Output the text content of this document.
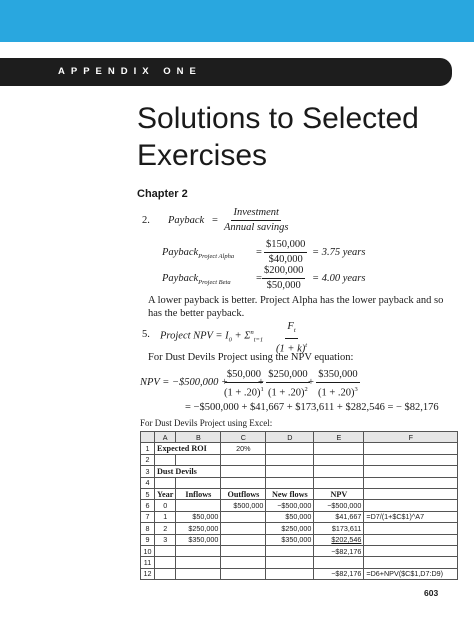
APPENDIX ONE
Solutions to Selected
Exercises
Chapter 2
2. Payback =
Investment
Annual savings
Payback$_{Project Alpha}$ = $\frac{\$150,000}{\$40,000} = 3.75$ years
Payback$_{Project Beta}$ = $\frac{\$200,000}{\$50,000} = 4.00$ years
A lower payback is better. Project Alpha has the lower payback and so has the better payback.
5. Project NPV = $I_0 + \Sigma^n_{t=1} \frac{F_t}{(1 + k)^t}$
For Dust Devils Project using the NPV equation:
NPV = −$500,000 +
$\frac{\$50,000}{(1 + .20)^1}$
+ $\frac{\$250,000}{(1 + .20)^2}$
+ $\frac{\$350,000}{(1 + .20)^3}$
= −$500,000 + $41,667 + $173,611 + $282,546 = − $82,176
For Dust Devils Project using Excel:
	A	B	C	D	E	F
1	Expected ROI		20%			
2						
3	Dust Devils					
4						
5	Year	Inflows	Outflows	New flows	NPV	
6	0		$500,000	−$500,000	−$500,000	
7	1	$50,000		$50,000	$41,667	=D7/(1+$C$1)^A7
8	2	$250,000		$250,000	$173,611	
9	3	$350,000		$350,000	$202,546	
10					−$82,176	
11						
12					−$82,176	=D6+NPV($C$1,D7:D9)
603
